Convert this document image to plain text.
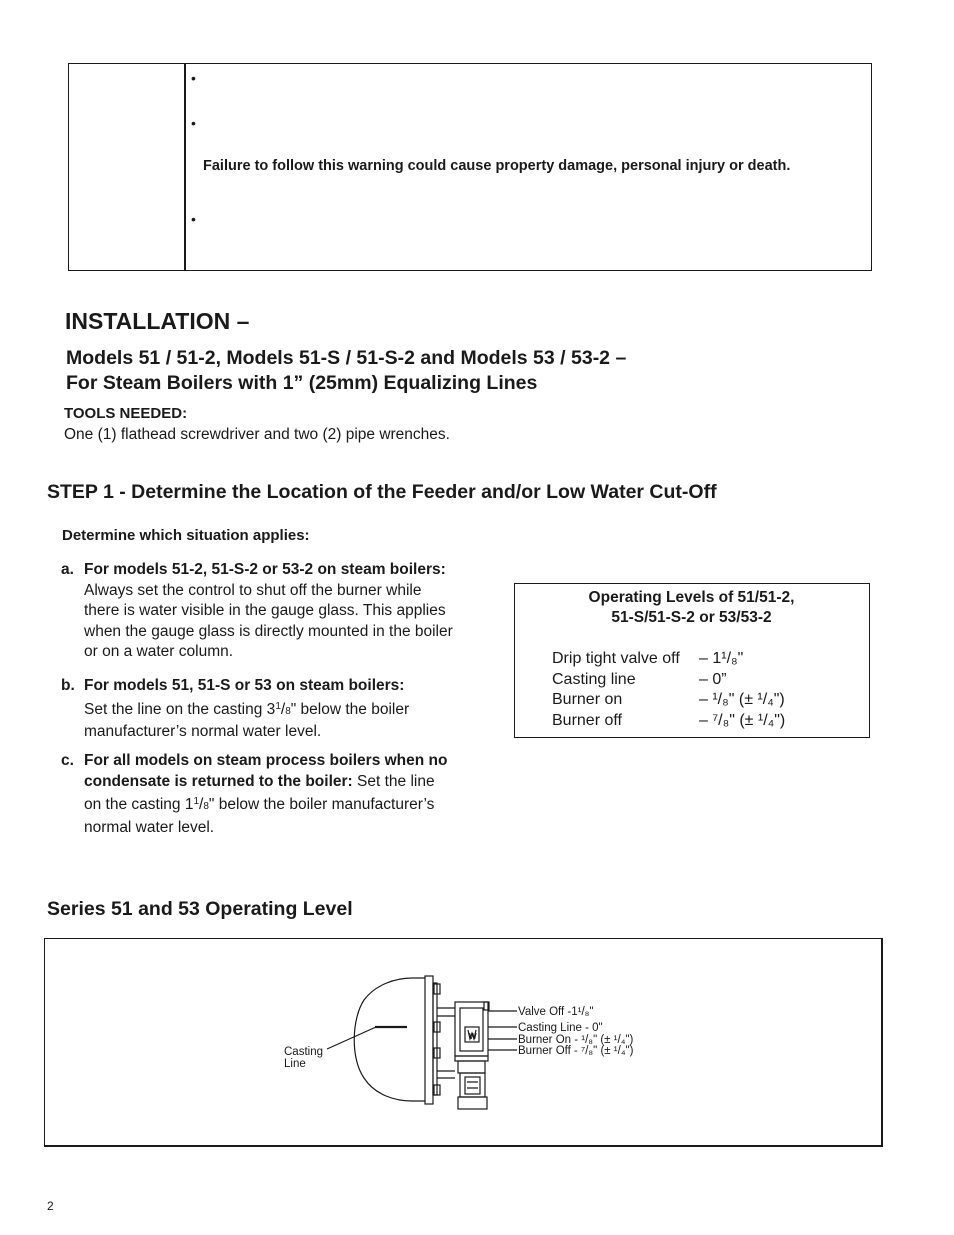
•
•
Failure to follow this warning could cause property damage, personal injury or death.
•
INSTALLATION –
Models 51 / 51-2, Models 51-S / 51-S-2 and Models 53 / 53-2 –
For Steam Boilers with 1” (25mm) Equalizing Lines
TOOLS NEEDED:
One (1) flathead screwdriver and two (2) pipe wrenches.
STEP 1 - Determine the Location of the Feeder and/or Low Water Cut-Off
Determine which situation applies:
a. For models 51-2, 51-S-2 or 53-2 on steam boilers:
Always set the control to shut off the burner while
there is water visible in the gauge glass. This applies
when the gauge glass is directly mounted in the boiler
or on a water column.
b. For models 51, 51-S or 53 on steam boilers:
Set the line on the casting $3^1/8$" below the boiler
manufacturer’s normal water level.
c. For all models on steam process boilers when no
condensate is returned to the boiler: Set the line
on the casting $1^1/8$" below the boiler manufacturer’s
normal water level.
Operating Levels of 51/51-2,
51-S/51-S-2 or 53/53-2
Drip tight valve off – 1¹/₈"
Casting line	– 0”
Burner on	– ¹/₈" (± ¹/₄")
Burner off	– ⁷/₈" (± ¹/₄")
Series 51 and 53 Operating Level
W
Casting
Line
Valve Off -1¹/₈"
Casting Line - 0"
Burner On - ¹/₈" (± ¹/₄")
Burner Off - ⁷/₈" (± ¹/₄")
2
